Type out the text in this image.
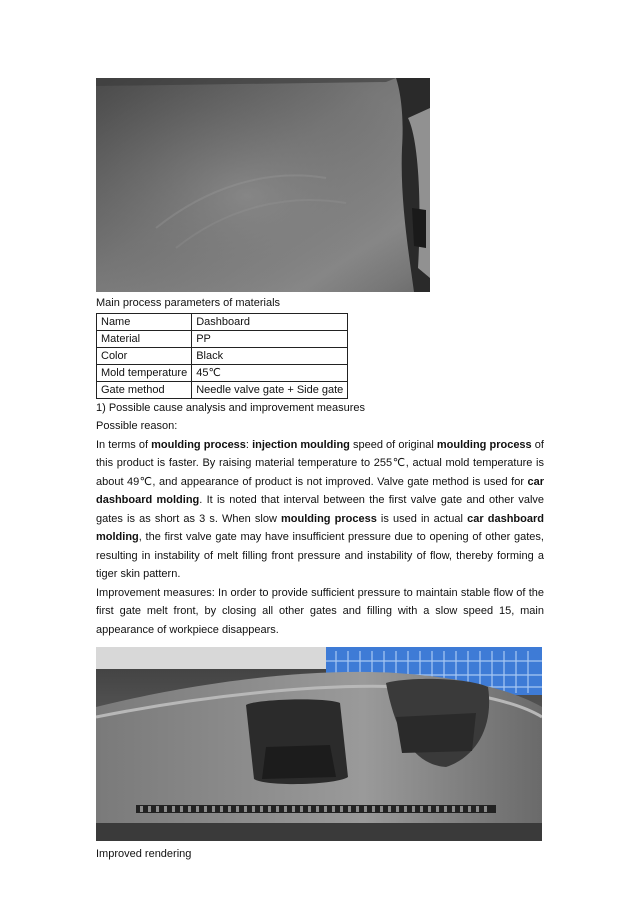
Main process parameters of materials
Name	Dashboard
Material	PP
Color	Black
Mold temperature	45℃
Gate method	Needle valve gate + Side gate
1) Possible cause analysis and improvement measures
Possible reason:
In terms of moulding process: injection moulding speed of original moulding process of this product is faster. By raising material temperature to 255℃, actual mold temperature is about 49℃, and appearance of product is not improved. Valve gate method is used for car dashboard molding. It is noted that interval between the first valve gate and other valve gates is as short as 3 s. When slow moulding process is used in actual car dashboard molding, the first valve gate may have insufficient pressure due to opening of other gates, resulting in instability of melt filling front pressure and instability of flow, thereby forming a tiger skin pattern.
Improvement measures: In order to provide sufficient pressure to maintain stable flow of the first gate melt front, by closing all other gates and filling with a slow speed 15, main appearance of workpiece disappears.
Improved rendering
